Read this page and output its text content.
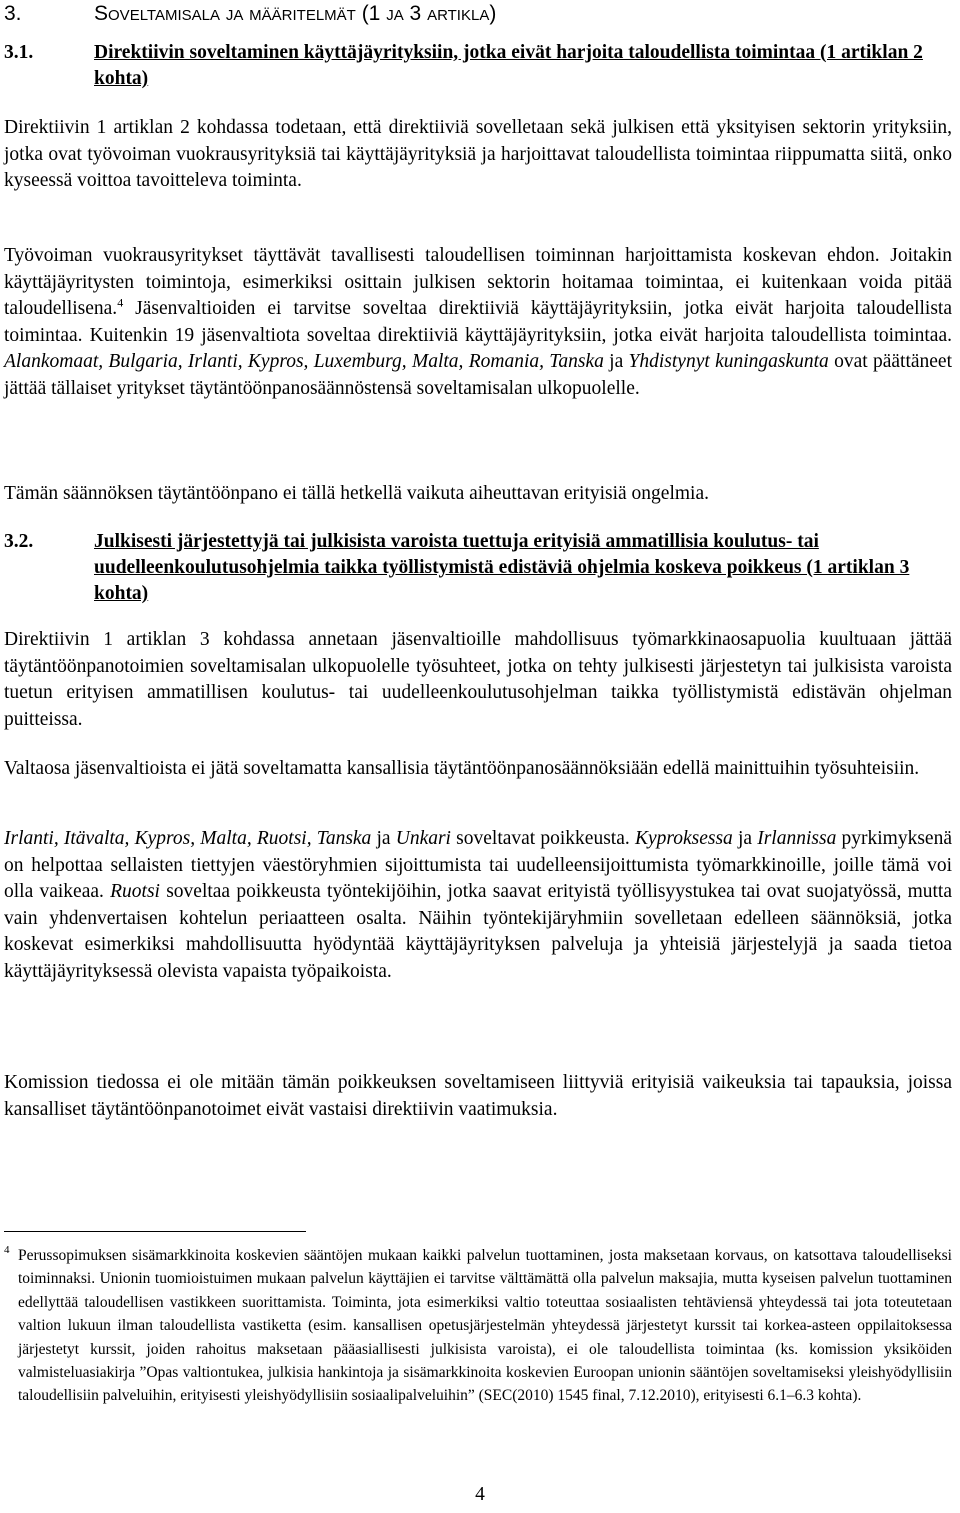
3.	Soveltamisala ja määritelmät (1 ja 3 artikla)
3.1.	Direktiivin soveltaminen käyttäjäyrityksiin, jotka eivät harjoita taloudellista toimintaa (1 artiklan 2 kohta)
Direktiivin 1 artiklan 2 kohdassa todetaan, että direktiiviä sovelletaan sekä julkisen että yksityisen sektorin yrityksiin, jotka ovat työvoiman vuokrausyrityksiä tai käyttäjäyrityksiä ja harjoittavat taloudellista toimintaa riippumatta siitä, onko kyseessä voittoa tavoitteleva toiminta.
Työvoiman vuokrausyritykset täyttävät tavallisesti taloudellisen toiminnan harjoittamista koskevan ehdon. Joitakin käyttäjäyritysten toimintoja, esimerkiksi osittain julkisen sektorin hoitamaa toimintaa, ei kuitenkaan voida pitää taloudellisena.$^4$ Jäsenvaltioiden ei tarvitse soveltaa direktiiviä käyttäjäyrityksiin, jotka eivät harjoita taloudellista toimintaa. Kuitenkin 19 jäsenvaltiota soveltaa direktiiviä käyttäjäyrityksiin, jotka eivät harjoita taloudellista toimintaa. Alankomaat, Bulgaria, Irlanti, Kypros, Luxemburg, Malta, Romania, Tanska ja Yhdistynyt kuningaskunta ovat päättäneet jättää tällaiset yritykset täytäntöönpanosäännöstensä soveltamisalan ulkopuolelle.
Tämän säännöksen täytäntöönpano ei tällä hetkellä vaikuta aiheuttavan erityisiä ongelmia.
3.2.	Julkisesti järjestettyjä tai julkisista varoista tuettuja erityisiä ammatillisia koulutus- tai uudelleenkoulutusohjelmia taikka työllistymistä edistäviä ohjelmia koskeva poikkeus (1 artiklan 3 kohta)
Direktiivin 1 artiklan 3 kohdassa annetaan jäsenvaltioille mahdollisuus työmarkkinaosapuolia kuultuaan jättää täytäntöönpanotoimien soveltamisalan ulkopuolelle työsuhteet, jotka on tehty julkisesti järjestetyn tai julkisista varoista tuetun erityisen ammatillisen koulutus- tai uudelleenkoulutusohjelman taikka työllistymistä edistävän ohjelman puitteissa.
Valtaosa jäsenvaltioista ei jätä soveltamatta kansallisia täytäntöönpanosäännöksiään edellä mainittuihin työsuhteisiin.
Irlanti, Itävalta, Kypros, Malta, Ruotsi, Tanska ja Unkari soveltavat poikkeusta. Kyproksessa ja Irlannissa pyrkimyksenä on helpottaa sellaisten tiettyjen väestöryhmien sijoittumista tai uudelleensijoittumista työmarkkinoille, joille tämä voi olla vaikeaa. Ruotsi soveltaa poikkeusta työntekijöihin, jotka saavat erityistä työllisyystukea tai ovat suojatyössä, mutta vain yhdenvertaisen kohtelun periaatteen osalta. Näihin työntekijäryhmiin sovelletaan edelleen säännöksiä, jotka koskevat esimerkiksi mahdollisuutta hyödyntää käyttäjäyrityksen palveluja ja yhteisiä järjestelyjä ja saada tietoa käyttäjäyrityksessä olevista vapaista työpaikoista.
Komission tiedossa ei ole mitään tämän poikkeuksen soveltamiseen liittyviä erityisiä vaikeuksia tai tapauksia, joissa kansalliset täytäntöönpanotoimet eivät vastaisi direktiivin vaatimuksia.
4 Perussopimuksen sisämarkkinoita koskevien sääntöjen mukaan kaikki palvelun tuottaminen, josta maksetaan korvaus, on katsottava taloudelliseksi toiminnaksi. Unionin tuomioistuimen mukaan palvelun käyttäjien ei tarvitse välttämättä olla palvelun maksajia, mutta kyseisen palvelun tuottaminen edellyttää taloudellisen vastikkeen suorittamista. Toiminta, jota esimerkiksi valtio toteuttaa sosiaalisten tehtäviensä yhteydessä tai jota toteutetaan valtion lukuun ilman taloudellista vastiketta (esim. kansallisen opetusjärjestelmän yhteydessä järjestetyt kurssit tai korkea-asteen oppilaitoksessa järjestetyt kurssit, joiden rahoitus maksetaan pääasiallisesti julkisista varoista), ei ole taloudellista toimintaa (ks. komission yksiköiden valmisteluasiakirja ”Opas valtiontukea, julkisia hankintoja ja sisämarkkinoita koskevien Euroopan unionin sääntöjen soveltamiseksi yleishyödyllisiin taloudellisiin palveluihin, erityisesti yleishyödyllisiin sosiaalipalveluihin” (SEC(2010) 1545 final, 7.12.2010), erityisesti 6.1–6.3 kohta).
4
